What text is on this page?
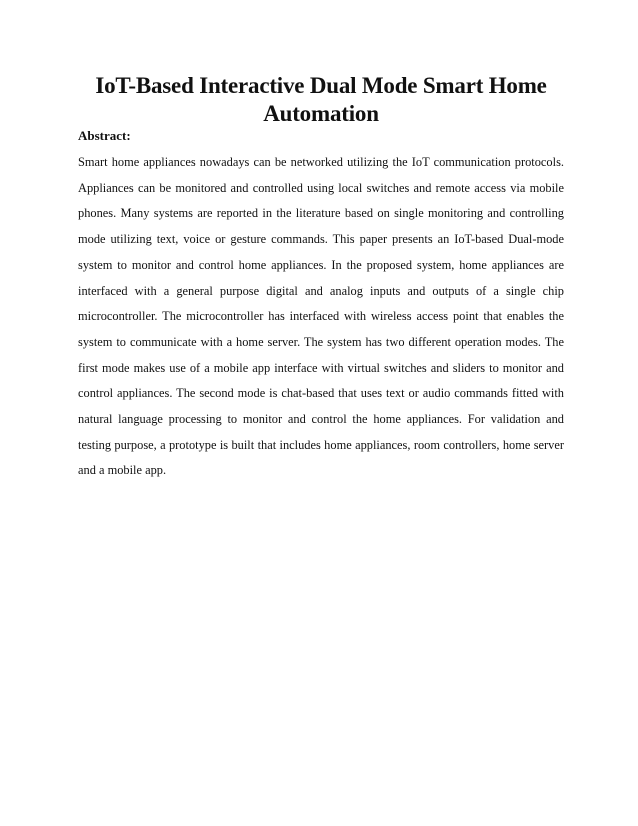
IoT-Based Interactive Dual Mode Smart Home Automation

Abstract:

Smart home appliances nowadays can be networked utilizing the IoT communication protocols. Appliances can be monitored and controlled using local switches and remote access via mobile phones. Many systems are reported in the literature based on single monitoring and controlling mode utilizing text, voice or gesture commands. This paper presents an IoT-based Dual-mode system to monitor and control home appliances. In the proposed system, home appliances are interfaced with a general purpose digital and analog inputs and outputs of a single chip microcontroller. The microcontroller has interfaced with wireless access point that enables the system to communicate with a home server. The system has two different operation modes. The first mode makes use of a mobile app interface with virtual switches and sliders to monitor and control appliances. The second mode is chat-based that uses text or audio commands fitted with natural language processing to monitor and control the home appliances. For validation and testing purpose, a prototype is built that includes home appliances, room controllers, home server and a mobile app.
